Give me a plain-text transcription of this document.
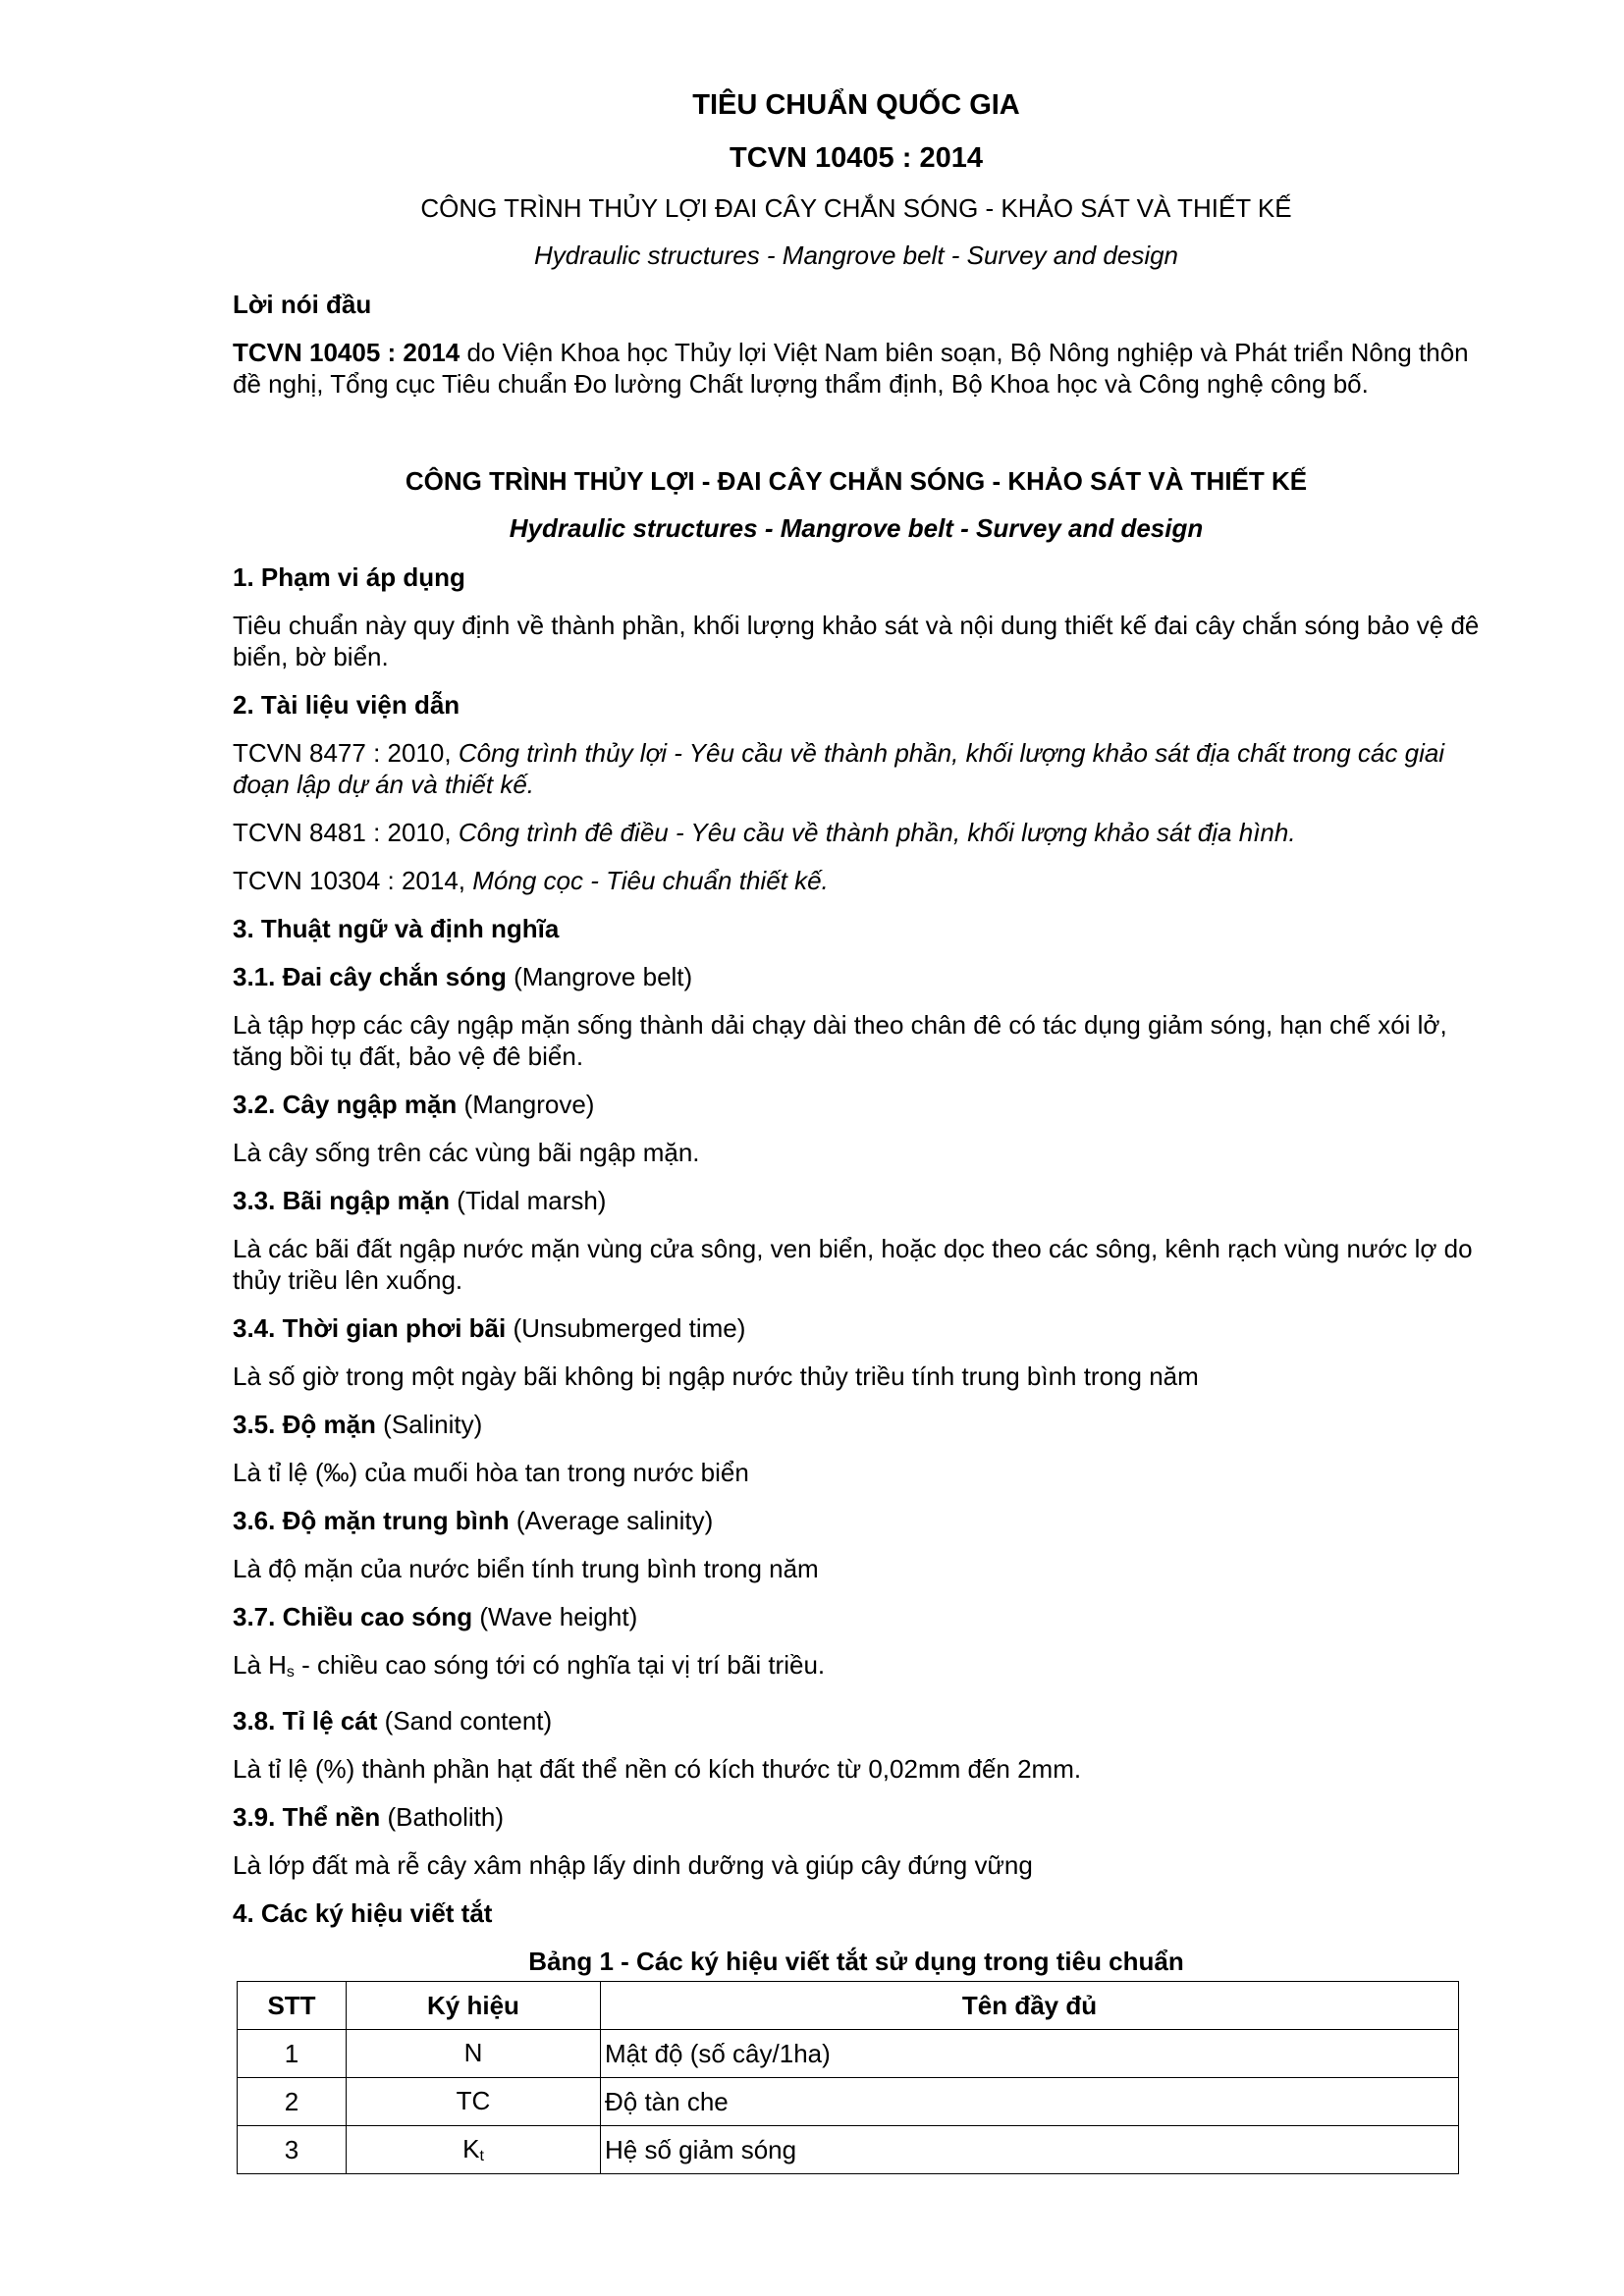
TIÊU CHUẨN QUỐC GIA
TCVN 10405 : 2014
CÔNG TRÌNH THỦY LỢI ĐAI CÂY CHẮN SÓNG - KHẢO SÁT VÀ THIẾT KẾ
Hydraulic structures - Mangrove belt - Survey and design
Lời nói đầu

TCVN 10405 : 2014 do Viện Khoa học Thủy lợi Việt Nam biên soạn, Bộ Nông nghiệp và Phát triển Nông thôn đề nghị, Tổng cục Tiêu chuẩn Đo lường Chất lượng thẩm định, Bộ Khoa học và Công nghệ công bố.

CÔNG TRÌNH THỦY LỢI - ĐAI CÂY CHẮN SÓNG - KHẢO SÁT VÀ THIẾT KẾ
Hydraulic structures - Mangrove belt - Survey and design
1. Phạm vi áp dụng

Tiêu chuẩn này quy định về thành phần, khối lượng khảo sát và nội dung thiết kế đai cây chắn sóng bảo vệ đê biển, bờ biển.

2. Tài liệu viện dẫn

TCVN 8477 : 2010, Công trình thủy lợi - Yêu cầu về thành phần, khối lượng khảo sát địa chất trong các giai đoạn lập dự án và thiết kế.

TCVN 8481 : 2010, Công trình đê điều - Yêu cầu về thành phần, khối lượng khảo sát địa hình.

TCVN 10304 : 2014, Móng cọc - Tiêu chuẩn thiết kế.

3. Thuật ngữ và định nghĩa

3.1. Đai cây chắn sóng (Mangrove belt)

Là tập hợp các cây ngập mặn sống thành dải chạy dài theo chân đê có tác dụng giảm sóng, hạn chế xói lở, tăng bồi tụ đất, bảo vệ đê biển.

3.2. Cây ngập mặn (Mangrove)

Là cây sống trên các vùng bãi ngập mặn.

3.3. Bãi ngập mặn (Tidal marsh)

Là các bãi đất ngập nước mặn vùng cửa sông, ven biển, hoặc dọc theo các sông, kênh rạch vùng nước lợ do thủy triều lên xuống.

3.4. Thời gian phơi bãi (Unsubmerged time)

Là số giờ trong một ngày bãi không bị ngập nước thủy triều tính trung bình trong năm

3.5. Độ mặn (Salinity)

Là tỉ lệ (‰) của muối hòa tan trong nước biển

3.6. Độ mặn trung bình (Average salinity)

Là độ mặn của nước biển tính trung bình trong năm

3.7. Chiều cao sóng (Wave height)

Là $H_s$ - chiều cao sóng tới có nghĩa tại vị trí bãi triều.

3.8. Tỉ lệ cát (Sand content)

Là tỉ lệ (%) thành phần hạt đất thể nền có kích thước từ 0,02mm đến 2mm.

3.9. Thể nền (Batholith)

Là lớp đất mà rễ cây xâm nhập lấy dinh dưỡng và giúp cây đứng vững

4. Các ký hiệu viết tắt
Bảng 1 - Các ký hiệu viết tắt sử dụng trong tiêu chuẩn
STT	Ký hiệu	Tên đầy đủ
1	N	Mật độ (số cây/1ha)
2	TC	Độ tàn che
3	$K_t$	Hệ số giảm sóng
